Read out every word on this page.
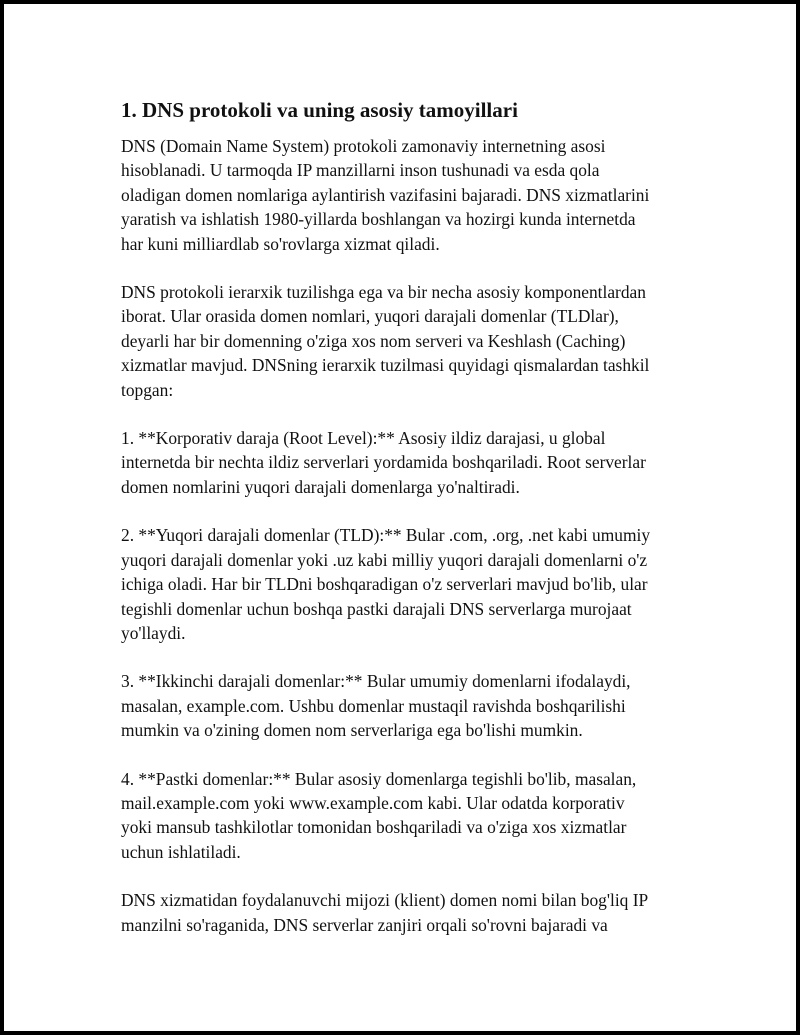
1. DNS protokoli va uning asosiy tamoyillari

DNS (Domain Name System) protokoli zamonaviy internetning asosi
hisoblanadi. U tarmoqda IP manzillarni inson tushunadi va esda qola
oladigan domen nomlariga aylantirish vazifasini bajaradi. DNS xizmatlarini
yaratish va ishlatish 1980-yillarda boshlangan va hozirgi kunda internetda
har kuni milliardlab so'rovlarga xizmat qiladi.

DNS protokoli ierarxik tuzilishga ega va bir necha asosiy komponentlardan
iborat. Ular orasida domen nomlari, yuqori darajali domenlar (TLDlar),
deyarli har bir domenning o'ziga xos nom serveri va Keshlash (Caching)
xizmatlar mavjud. DNSning ierarxik tuzilmasi quyidagi qismalardan tashkil
topgan:

1. **Korporativ daraja (Root Level):** Asosiy ildiz darajasi, u global
internetda bir nechta ildiz serverlari yordamida boshqariladi. Root serverlar
domen nomlarini yuqori darajali domenlarga yo'naltiradi.

2. **Yuqori darajali domenlar (TLD):** Bular .com, .org, .net kabi umumiy
yuqori darajali domenlar yoki .uz kabi milliy yuqori darajali domenlarni o'z
ichiga oladi. Har bir TLDni boshqaradigan o'z serverlari mavjud bo'lib, ular
tegishli domenlar uchun boshqa pastki darajali DNS serverlarga murojaat
yo'llaydi.

3. **Ikkinchi darajali domenlar:** Bular umumiy domenlarni ifodalaydi,
masalan, example.com. Ushbu domenlar mustaqil ravishda boshqarilishi
mumkin va o'zining domen nom serverlariga ega bo'lishi mumkin.

4. **Pastki domenlar:** Bular asosiy domenlarga tegishli bo'lib, masalan,
mail.example.com yoki www.example.com kabi. Ular odatda korporativ
yoki mansub tashkilotlar tomonidan boshqariladi va o'ziga xos xizmatlar
uchun ishlatiladi.

DNS xizmatidan foydalanuvchi mijozi (klient) domen nomi bilan bog'liq IP
manzilni so'raganida, DNS serverlar zanjiri orqali so'rovni bajaradi va
